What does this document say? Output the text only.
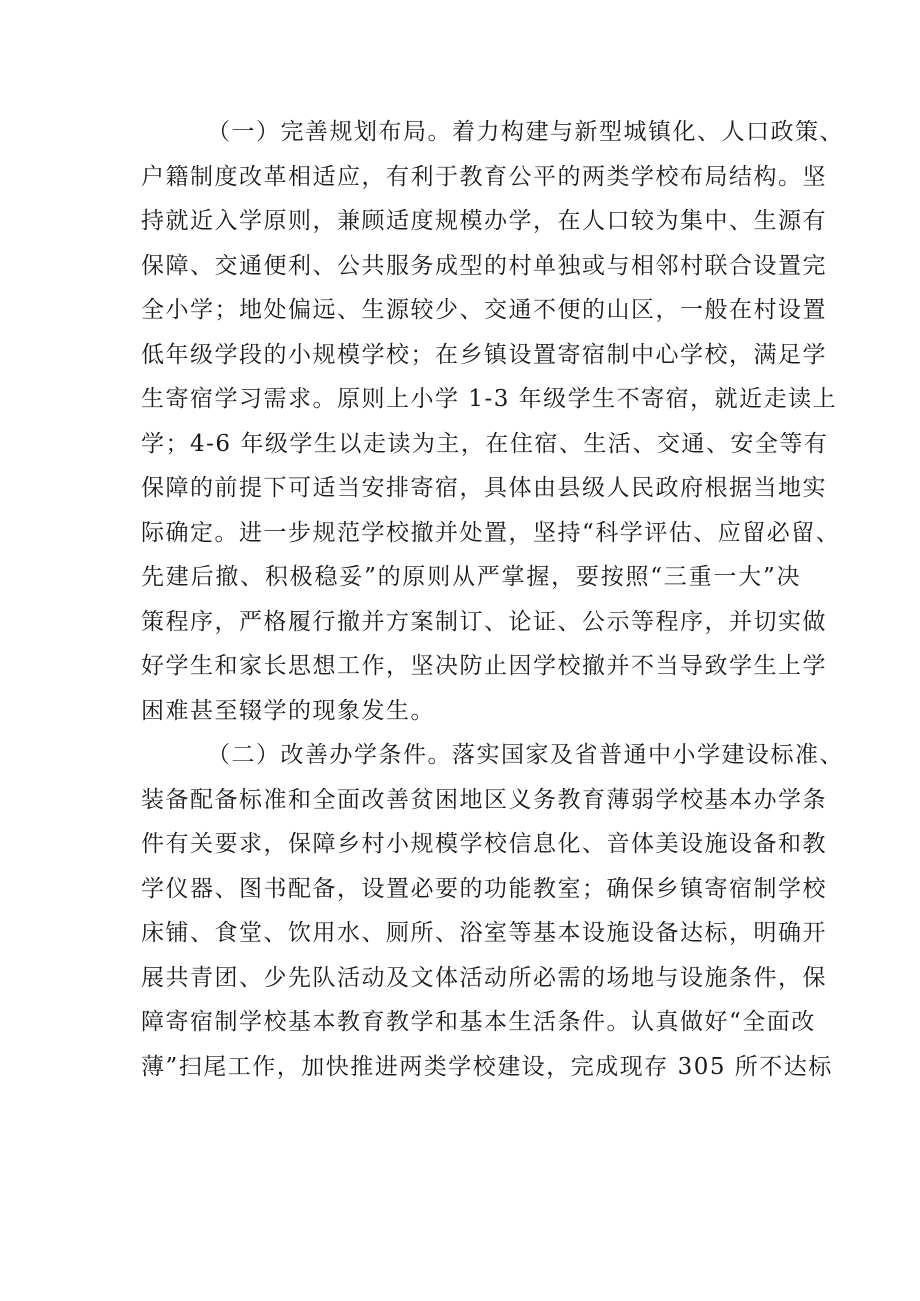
（一）完善规划布局。着力构建与新型城镇化、人口政策、
户籍制度改革相适应，有利于教育公平的两类学校布局结构。坚
持就近入学原则，兼顾适度规模办学，在人口较为集中、生源有
保障、交通便利、公共服务成型的村单独或与相邻村联合设置完
全小学；地处偏远、生源较少、交通不便的山区，一般在村设置
低年级学段的小规模学校；在乡镇设置寄宿制中心学校，满足学
生寄宿学习需求。原则上小学 1-3 年级学生不寄宿，就近走读上
学；4-6 年级学生以走读为主，在住宿、生活、交通、安全等有
保障的前提下可适当安排寄宿，具体由县级人民政府根据当地实
际确定。进一步规范学校撤并处置，坚持“科学评估、应留必留、
先建后撤、积极稳妥”的原则从严掌握，要按照“三重一大”决
策程序，严格履行撤并方案制订、论证、公示等程序，并切实做
好学生和家长思想工作，坚决防止因学校撤并不当导致学生上学
困难甚至辍学的现象发生。

（二）改善办学条件。落实国家及省普通中小学建设标准、
装备配备标准和全面改善贫困地区义务教育薄弱学校基本办学条
件有关要求，保障乡村小规模学校信息化、音体美设施设备和教
学仪器、图书配备，设置必要的功能教室；确保乡镇寄宿制学校
床铺、食堂、饮用水、厕所、浴室等基本设施设备达标，明确开
展共青团、少先队活动及文体活动所必需的场地与设施条件，保
障寄宿制学校基本教育教学和基本生活条件。认真做好“全面改
薄”扫尾工作，加快推进两类学校建设，完成现存 305 所不达标
